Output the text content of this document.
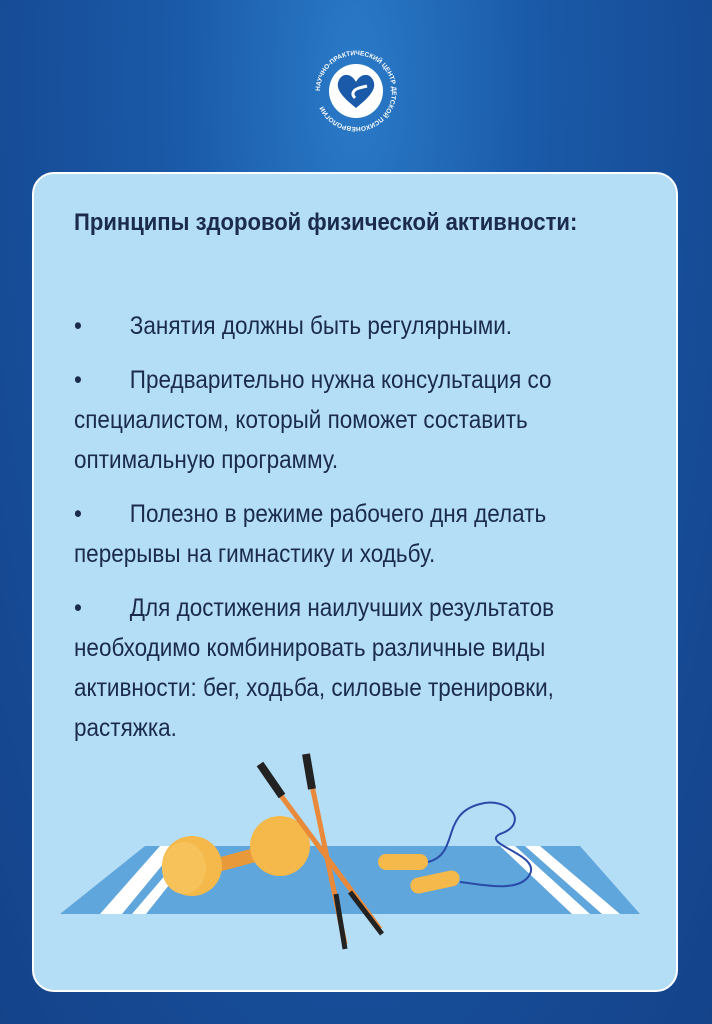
НАУЧНО-ПРАКТИЧЕСКИЙ ЦЕНТР ДЕТСКОЙ ПСИХОНЕВРОЛОГИИ
Принципы здоровой физической активности:
• Занятия должны быть регулярными.
• Предварительно нужна консультация со специалистом, который поможет составить оптимальную программу.
• Полезно в режиме рабочего дня делать перерывы на гимнастику и ходьбу.
• Для достижения наилучших результатов необходимо комбинировать различные виды активности: бег, ходьба, силовые тренировки, растяжка.
